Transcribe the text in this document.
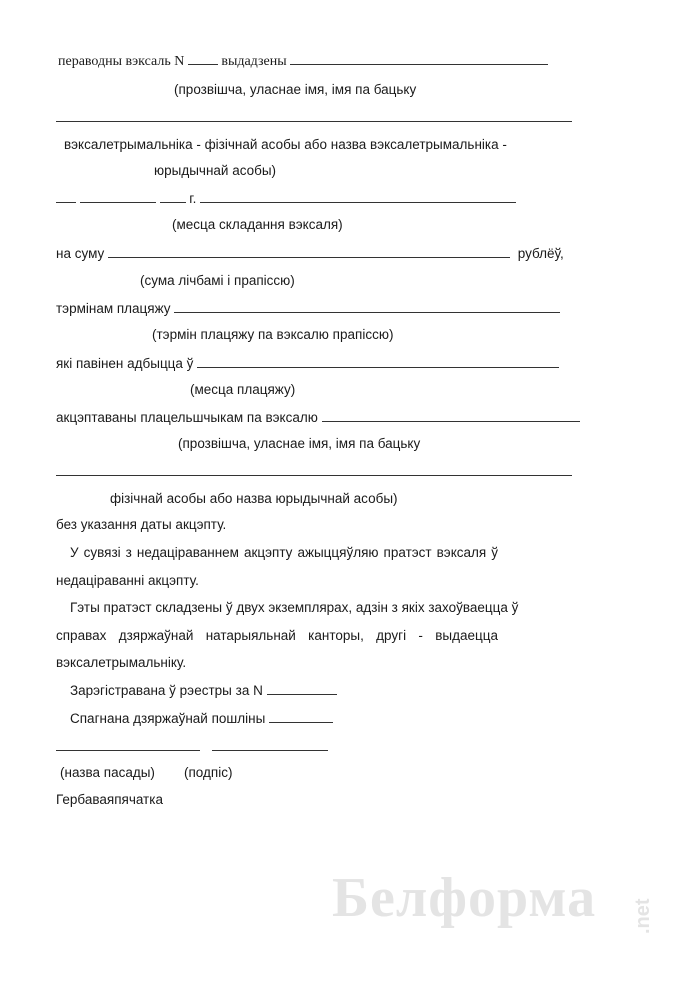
пераводны вэксаль N	выдадзены
(прозвішча, уласнае імя, імя па бацьку
вэксалетрымальніка - фізічнай асобы або назва вэксалетрымальніка -
юрыдычнай асобы)
г.
(месца складання вэксаля)
на суму	рублёў,
(сума лічбамі і прапіссю)
тэрмінам плацяжу
(тэрмін плацяжу па вэксалю прапіссю)
які павінен адбыцца ў
(месца плацяжу)
акцэптаваны плацельшчыкам па вэксалю
(прозвішча, уласнае імя, імя па бацьку
фізічнай асобы або назва юрыдычнай асобы)
без указання даты акцэпту.
У сувязі з недацiраваннем акцэпту ажыццяўляю пратэст вэксаля ў
недацiраваннi акцэпту.
Гэты пратэст складзены ў двух экземплярах, адзін з якіх захоўваецца ў
справах дзяржаўнай натарыяльнай канторы, другі - выдаецца
вэксалетрымальніку.
Зарэгістравана ў рэестры за N
Спагнана дзяржаўнай пошліны
(назва пасады) (подпіс)
Гербаваяпячатка
Белформа .net
